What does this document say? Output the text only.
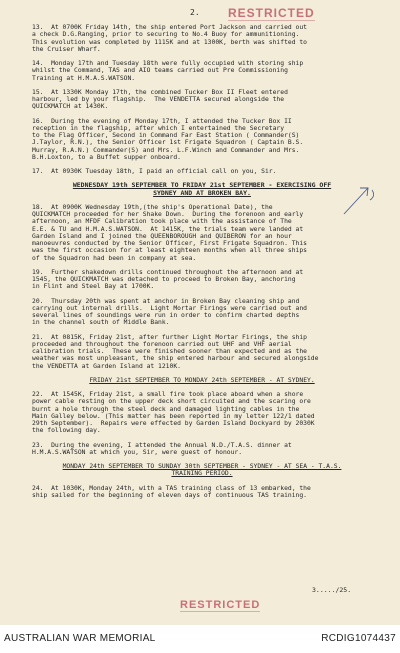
2. RESTRICTED
13.  At 0700K Friday 14th, the ship entered Port Jackson and carried out
a check D.G.Ranging, prior to securing to No.4 Buoy for ammunitioning.
This evolution was completed by 1115K and at 1300K, berth was shifted to
the Cruiser Wharf.
14.  Monday 17th and Tuesday 18th were fully occupied with storing ship
whilst the Command, TAS and AIO teams carried out Pre Commissioning
Training at H.M.A.S.WATSON.
15.  At 1330K Monday 17th, the combined Tucker Box II Fleet entered
harbour, led by your flagship.  The VENDETTA secured alongside the
QUICKMATCH at 1430K.
16.  During the evening of Monday 17th, I attended the Tucker Box II
reception in the flagship, after which I entertained the Secretary
to the Flag Officer, Second in Command Far East Station ( Commander(S)
J.Taylor, R.N.), the Senior Officer 1st Frigate Squadron ( Captain B.S.
Murray, R.A.N.) Commander(S) and Mrs. L.F.Winch and Commander and Mrs.
B.H.Loxton, to a Buffet supper onboard.
17.  At 0930K Tuesday 18th, I paid an official call on you, Sir.
WEDNESDAY 19th SEPTEMBER TO FRIDAY 21st SEPTEMBER - EXERCISING OFF
SYDNEY AND AT BROKEN BAY.
18.  At 0900K Wednesday 19th,(the ship's Operational Date), the
QUICKMATCH proceeded for her Shake Down.  During the forenoon and early
afternoon, an MFDF Calibration took place with the assistance of The
E.E. & TU and H.M.A.S.WATSON.  At 1415K, the trials team were landed at
Garden Island and I joined the QUEENBOROUGH and QUIBERON for an hour
manoeuvres conducted by the Senior Officer, First Frigate Squadron. This
was the first occasion for at least eighteen months when all three ships
of the Squadron had been in company at sea.
19.  Further shakedown drills continued throughout the afternoon and at
1545, the QUICKMATCH was detached to proceed to Broken Bay, anchoring
in Flint and Steel Bay at 1700K.
20.  Thursday 20th was spent at anchor in Broken Bay cleaning ship and
carrying out internal drills.  Light Mortar Firings were carried out and
several lines of soundings were run in order to confirm charted depths
in the channel south of Middle Bank.
21.  At 0815K, Friday 21st, after further Light Mortar Firings, the ship
proceeded and throughout the forenoon carried out UHF and VHF aerial
calibration trials.  These were finished sooner than expected and as the
weather was most unpleasant, the ship entered harbour and secured alongside
the VENDETTA at Garden Island at 1210K.
FRIDAY 21st SEPTEMBER TO MONDAY 24th SEPTEMBER - AT SYDNEY.
22.  At 1545K, Friday 21st, a small fire took place aboard when a shore
power cable resting on the upper deck short circuited and the scaring ore
burnt a hole through the steel deck and damaged lighting cables in the
Main Galley below. (This matter has been reported in my letter 122/1 dated
29th September).  Repairs were effected by Garden Island Dockyard by 2030K
the following day.
23.  During the evening, I attended the Annual N.D./T.A.S. dinner at
H.M.A.S.WATSON at which you, Sir, were guest of honour.
MONDAY 24th SEPTEMBER TO SUNDAY 30th SEPTEMBER - SYDNEY - AT SEA - T.A.S.
TRAINING PERIOD.
24.  At 1030K, Monday 24th, with a TAS training class of 13 embarked, the
ship sailed for the beginning of eleven days of continuous TAS training.
3...../25.
RESTRICTED
AUSTRALIAN WAR MEMORIAL	RCDIG1074437
